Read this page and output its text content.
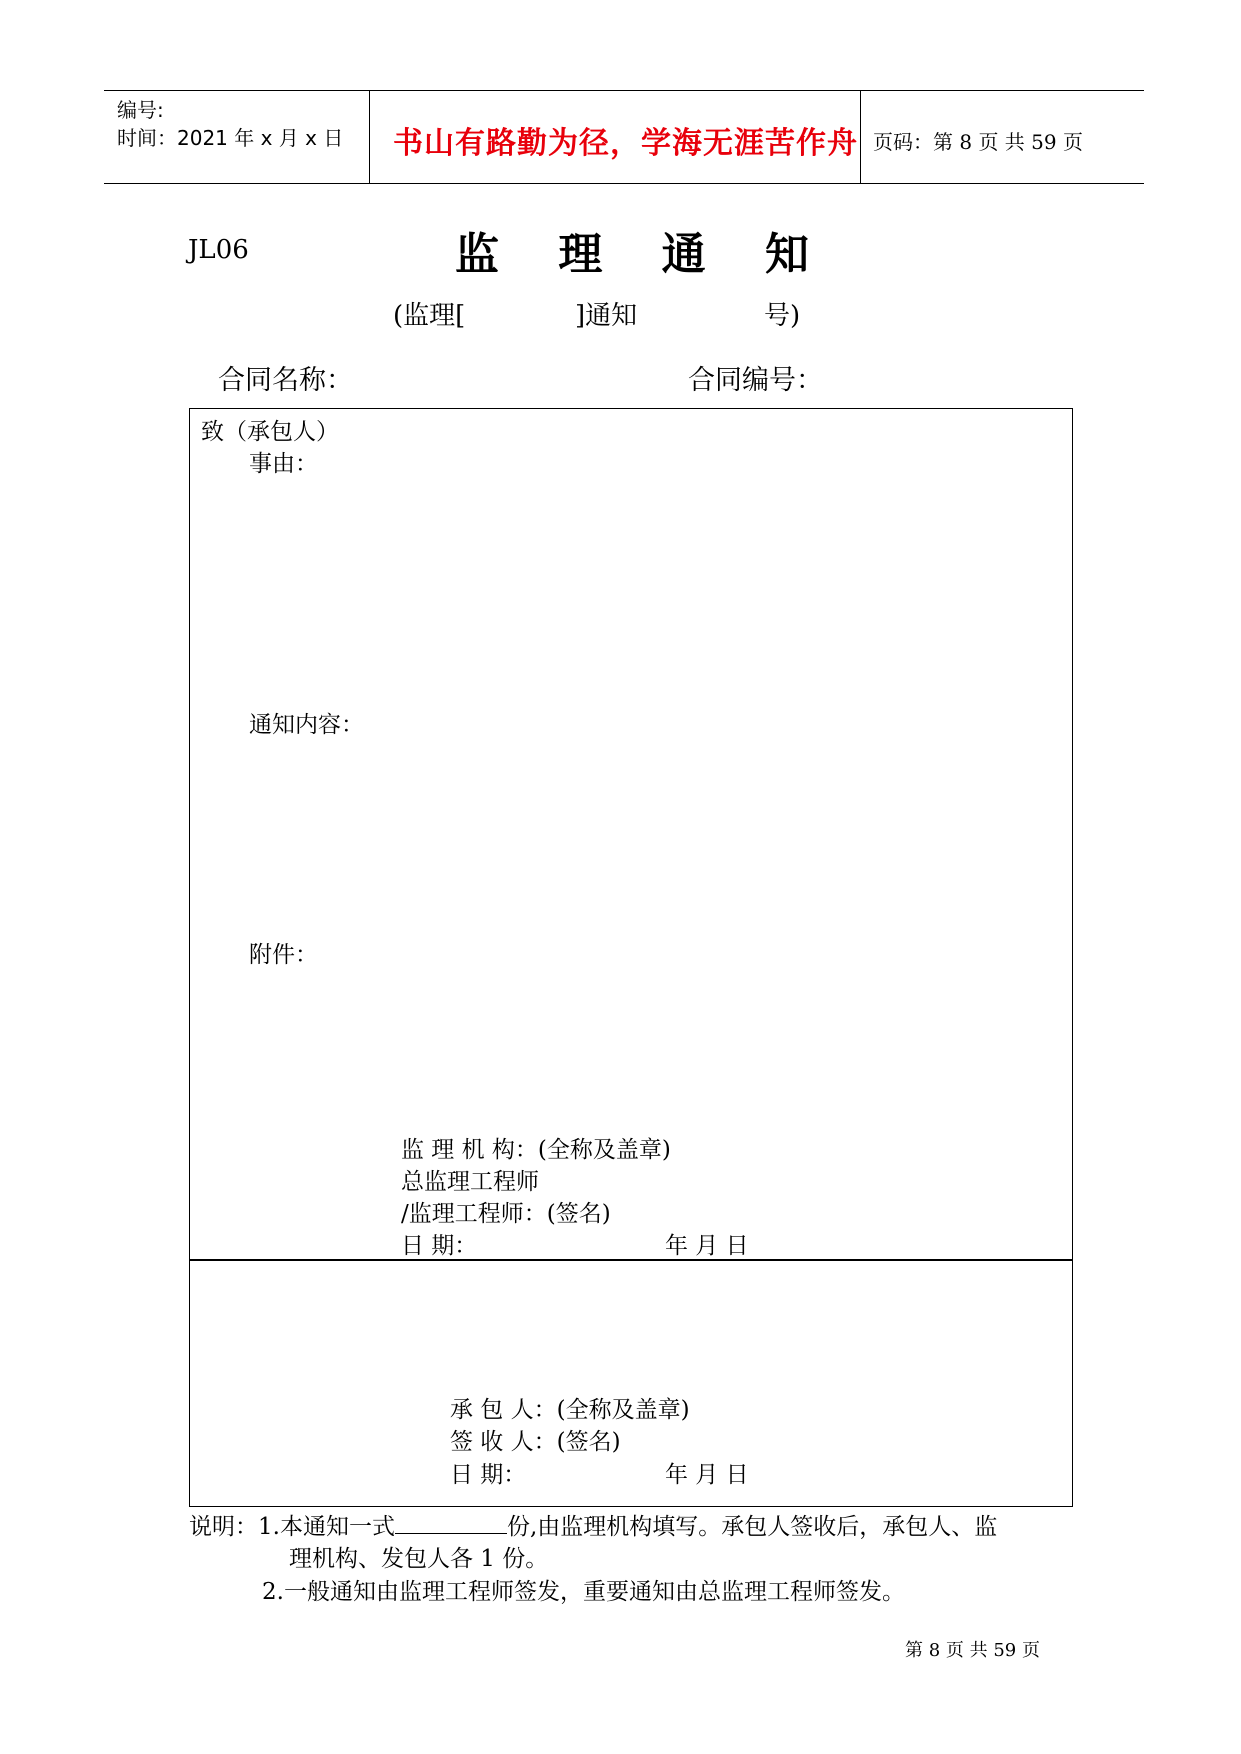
编号:
时间：2021 年 x 月 x 日 书山有路勤为径，学海无涯苦作舟 页码：第 8 页 共 59 页
JL06	监 理 通 知
(监理[	]通知	号)
合同名称：	合同编号：
致（承包人）
事由：
通知内容：
附件：
监 理 机 构：(全称及盖章)
总监理工程师
/监理工程师：(签名)
日 期：	年 月 日
承 包 人：(全称及盖章)
签 收 人：(签名)
日 期：	年 月 日
说明：1.本通知一式	份,由监理机构填写。承包人签收后，承包人、监
理机构、发包人各 1 份。
2.一般通知由监理工程师签发，重要通知由总监理工程师签发。
第 8 页 共 59 页
